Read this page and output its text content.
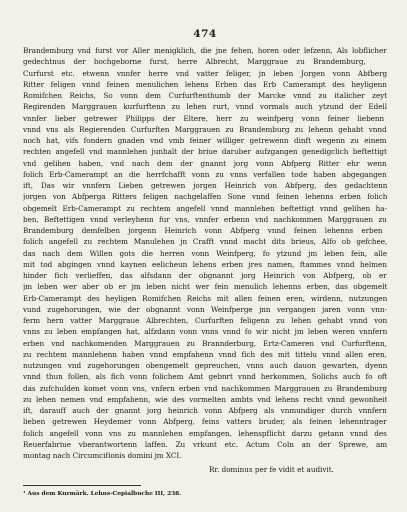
474
Brandemburg vnd furst vor Aller menigklich, die jne fehen, horen oder lefzenn, Als lobflicher
gedechtnus der hochgeborne furst, herre Albrecht, Marggraue zu Brandemburg,
Curfurst etc. etwenn vnnfer herre vnd vatter feliger, jn leben Jorgen vonn Abfberg
Ritter feligen vnnd feinen menulichen lehens Erben das Erb Camerampt des heyligenn
Romifchen Reichs, So vonn dem Curfurftenthumb der Marcke vnnd zu italicher zeyt
Regirenden Marggrauen kurfurftenn zu lehen rurt, vnnd vormals auch ytzund der Edell
vnnfer lieber getrewer Philipps der Eltere, herr zu weinfperg vonn feiner liebenn
vnnd vns als Regierenden Curfurften Marggrauen zu Brandemburg zu lehenn gehabt vnnd
noch hat, vifs fondern gnaden vnd vmb feiner williger getrewenn dinft wegenn zu einem
rechten angefell vnd mannlehen junhalt der briue daruber aufzgangen genedigclich beftettigt
vnd gelihen haben, vnd nach dem der gnannt jorg vonn Abfperg Ritter ehr wenn
folich Erb-Camerampt an die herrfchafft vonn zu vnns verfallen tode haben abgegangen
ift, Das wir vnnfern Lieben getrewen jorgen Heinrich von Abfperg, des gedachtenn
jorgen von Abfperga Ritters feligen nachgelaffen Sone vnnd feinen lehenns erben folich
obgemelt Erb-Camerampt zu rechtem angefell vnnd mannlehen beftettigt vnnd gelihen ha-
ben, Beftettigen vnnd verleyhenn fur vns, vnnfer erbenn vnd nachkommen Marggrauen zu
Brandemburg demfelben jorgenn Heinrich vonn Abfperg vnnd feinen lehenns erben
folich angefell zu rechtem Manulehen jn Crafft vnnd macht dits brieus, Alfo ob gefchee,
das nach dem Willen gots die herren vonn Weinfperg, fo ytzund jm leben fein, alle
mit tod abgingen vnnd kaynen eelicheun lehens erben jres namen, ftammes vnnd helmen
hinder fich verlieffen, das alfsdann der obgnannt jorg Heinrich von Abfperg, ob er
jm leben wer aber ob er jm leben nicht wer fein menulich lehenns erben, das obgemelt
Erb-Camerampt des heyligen Romifchen Reichs mit allen feinen eren, wirdenn, nutzungen
vund zugehorungen, wie der obgnannt vonn Weinfperge jnn vergangen jaren vonn vnn-
ferm hern vatter Marggraue Albrechten, Curfurften feligenn zu lehen gehabt vnnd von
vnns zu leben empfangen hat, alfzdann vonn vnns vnnd fo wir nicht jm leben weren vnnfern
erben vnd nachkomenden Marggrauen zu Brannderburg, Ertz-Cameren vnd Curfurftenn,
zu rechtem mannlehenn haben vnnd empfahenn vnnd fich des mit tittelu vnnd allen eren,
nutzungen vnd zugehorungen obengemelt gepreuchen, vnns auch dauon gewarten, dyenn
vnnd thun follen, als fich vonn folichem Amt gebnrt vnnd herkommen, Solichs auch fo oft
das zufchulden komet vonn vns, vnfern erben vnd nachkommen Marggrauen zu Brandemburg
zu lehen nemen vnd empfahenn, wie des vormelten ambts vnd lehens recht vnnd gewonheit
ift, darauff auch der gnannt jorg heinrich vonn Abfperg als vnmundiger durch vnnfern
lieben getrewen Heydemer vonn Abfperg, feins vatters bruder, als feinen lehenntrager
folich angefell vonn vns zu mannlehen empfangen, lehenspflicht darzu getann vnnd des
Reuerfabriue vberantwortenn laffen. Zu vrkunt etc. Actum Coln an der Sprewe, am
montag nach Circumcifionis domini jm XCI.
Rr. dominus per fe vidit et audivit.
¹ Aus dem Kurmärk. Lehns-Copialbuche III, 238.
